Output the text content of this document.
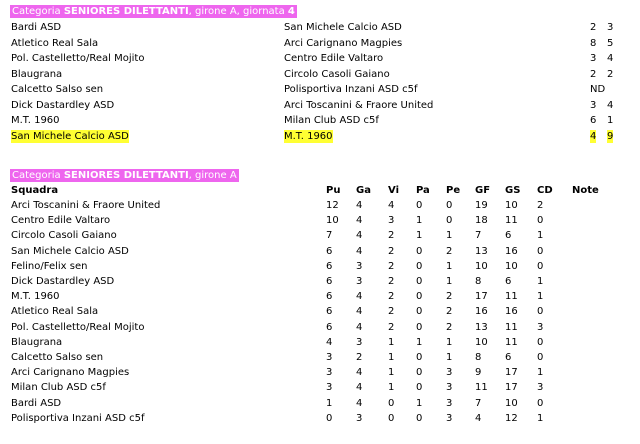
Categoria SENIORES DILETTANTI, girone A, giornata 4
Bardi ASD	San Michele Calcio ASD	2 3
Atletico Real Sala	Arci Carignano Magpies	8 5
Pol. Castelletto/Real Mojito	Centro Edile Valtaro	3 4
Blaugrana	Circolo Casoli Gaiano	2 2
Calcetto Salso sen	Polisportiva Inzani ASD c5f	ND
Dick Dastardley ASD	Arci Toscanini & Fraore United	3 4
M.T. 1960	Milan Club ASD c5f	6 1
San Michele Calcio ASD	M.T. 1960	4 9
Categoria SENIORES DILETTANTI, girone A
Squadra	Pu Ga Vi Pa Pe GF GS CD Note
Arci Toscanini & Fraore United	12 4	4 0 0 19 10 2
Centro Edile Valtaro	10 4	3 1 0 18 11 0
Circolo Casoli Gaiano	7 4	2 1 1 7 6	1
San Michele Calcio ASD	6 4	2 0 2 13 16 0
Felino/Felix sen	6 3	2 0 1 10 10 0
Dick Dastardley ASD	6 3	2 0 1 8 6	1
M.T. 1960	6 4	2 0 2 17 11 1
Atletico Real Sala	6 4	2 0 2 16 16 0
Pol. Castelletto/Real Mojito	6 4	2 0 2 13 11 3
Blaugrana	4 3	1 1 1 10 11 0
Calcetto Salso sen	3 2	1 0 1 8 6	0
Arci Carignano Magpies	3 4	1 0 3 9 17 1
Milan Club ASD c5f	3 4	1 0 3 11 17 3
Bardi ASD	1 4	0 1 3 7 10 0
Polisportiva Inzani ASD c5f	0 3	0 0 3 4 12 1
